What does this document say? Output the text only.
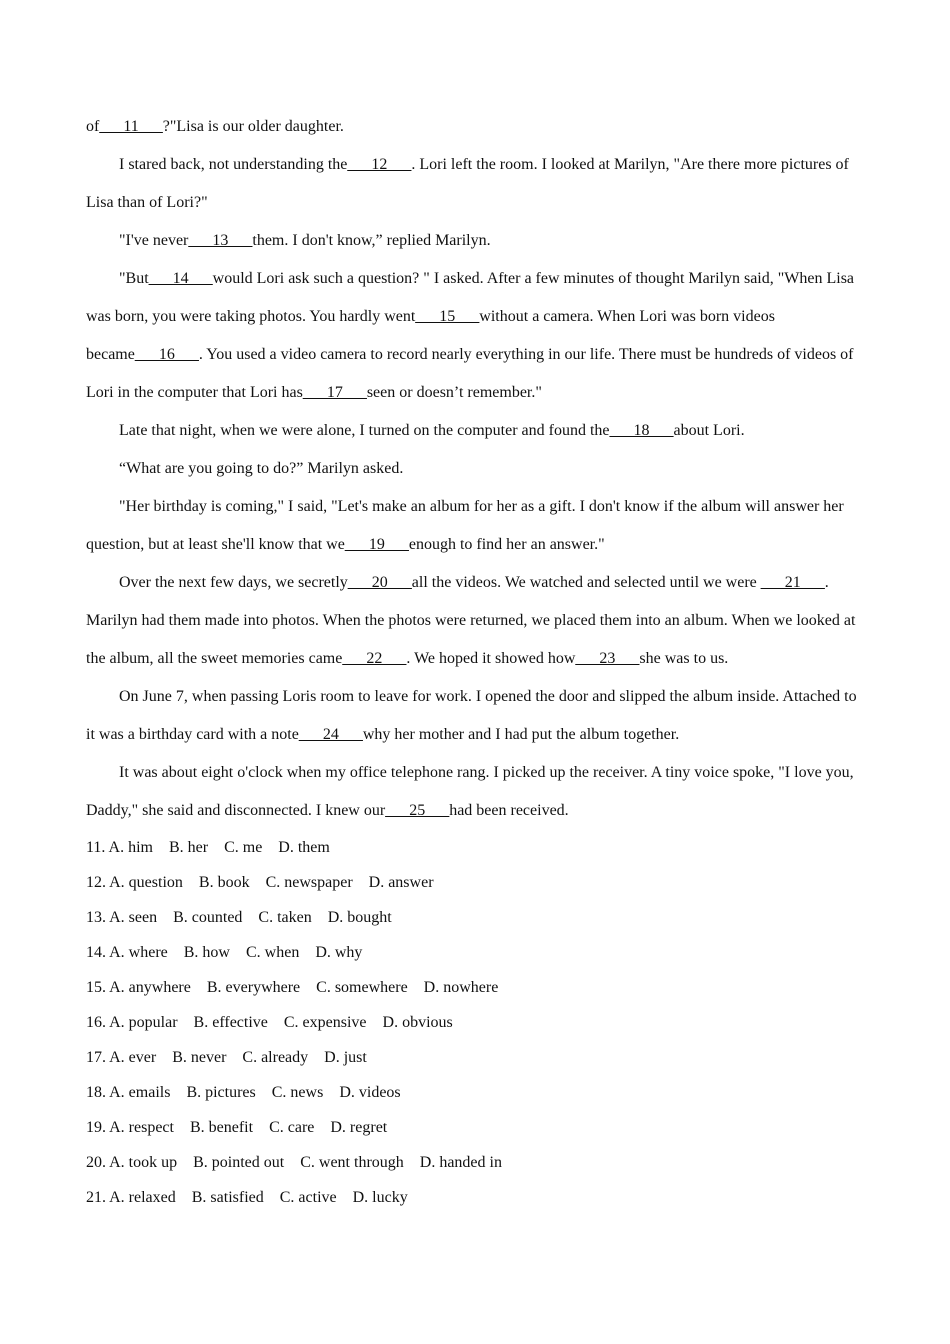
of___11___?"Lisa is our older daughter.

I stared back, not understanding the___12___. Lori left the room. I looked at Marilyn, "Are there more pictures of Lisa than of Lori?"

"I've never___13___them. I don't know,” replied Marilyn.

"But___14___would Lori ask such a question? " I asked. After a few minutes of thought Marilyn said, "When Lisa was born, you were taking photos. You hardly went___15___without a camera. When Lori was born videos became___16___. You used a video camera to record nearly everything in our life. There must be hundreds of videos of Lori in the computer that Lori has___17___seen or doesn’t remember."

Late that night, when we were alone, I turned on the computer and found the___18___about Lori.

“What are you going to do?” Marilyn asked.

"Her birthday is coming," I said, "Let's make an album for her as a gift. I don't know if the album will answer her question, but at least she'll know that we___19___enough to find her an answer."

Over the next few days, we secretly___20___all the videos. We watched and selected until we were ___21___. Marilyn had them made into photos. When the photos were returned, we placed them into an album. When we looked at the album, all the sweet memories came___22___. We hoped it showed how___23___she was to us.

On June 7, when passing Loris room to leave for work. I opened the door and slipped the album inside. Attached to it was a birthday card with a note___24___why her mother and I had put the album together.

It was about eight o'clock when my office telephone rang. I picked up the receiver. A tiny voice spoke, "I love you, Daddy," she said and disconnected. I knew our___25___had been received.

11. A. him    B. her    C. me    D. them
12. A. question    B. book    C. newspaper    D. answer
13. A. seen    B. counted    C. taken    D. bought
14. A. where    B. how    C. when    D. why
15. A. anywhere    B. everywhere    C. somewhere    D. nowhere
16. A. popular    B. effective    C. expensive    D. obvious
17. A. ever    B. never    C. already    D. just
18. A. emails    B. pictures    C. news    D. videos
19. A. respect    B. benefit    C. care    D. regret
20. A. took up    B. pointed out    C. went through    D. handed in
21. A. relaxed    B. satisfied    C. active    D. lucky
